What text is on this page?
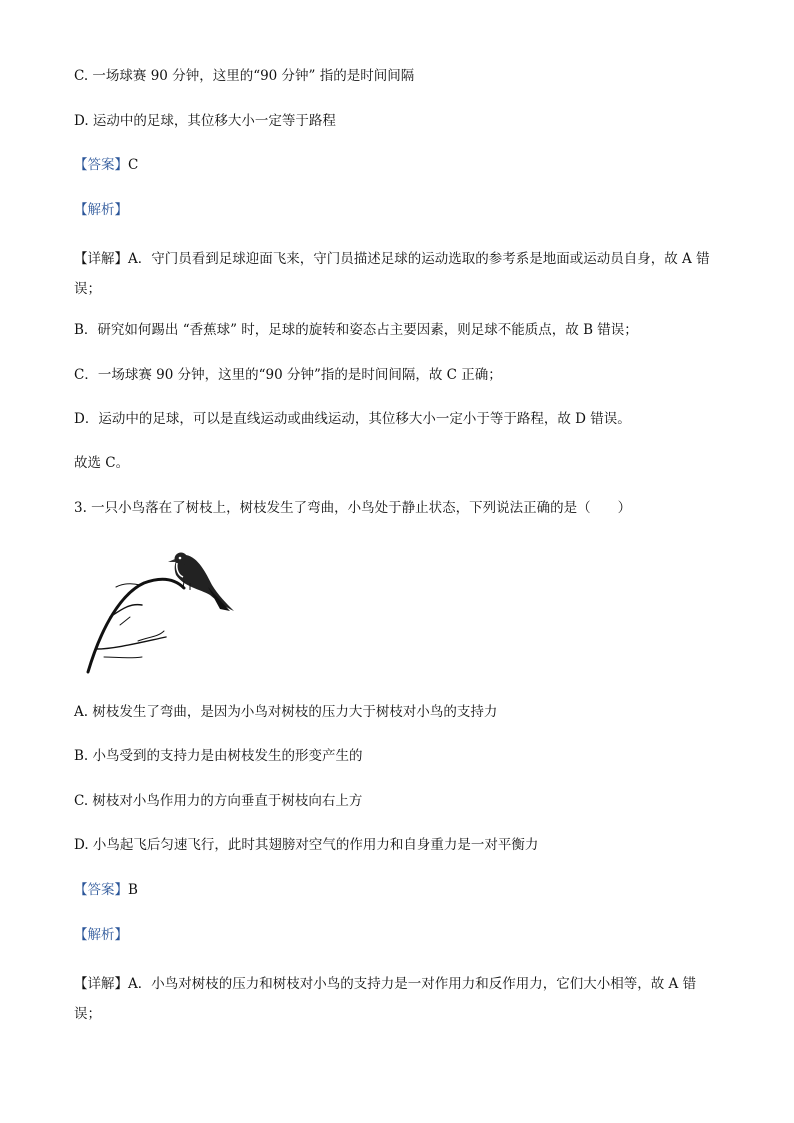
C. 一场球赛 90 分钟，这里的“90 分钟” 指的是时间间隔
D. 运动中的足球，其位移大小一定等于路程
【答案】C
【解析】
【详解】A．守门员看到足球迎面飞来，守门员描述足球的运动选取的参考系是地面或运动员自身，故 A 错误；
B．研究如何踢出 “香蕉球” 时，足球的旋转和姿态占主要因素，则足球不能质点，故 B 错误；
C．一场球赛 90 分钟，这里的“90 分钟”指的是时间间隔，故 C 正确；
D．运动中的足球，可以是直线运动或曲线运动，其位移大小一定小于等于路程，故 D 错误。
故选 C。
3. 一只小鸟落在了树枝上，树枝发生了弯曲，小鸟处于静止状态，下列说法正确的是（　　）
A. 树枝发生了弯曲，是因为小鸟对树枝的压力大于树枝对小鸟的支持力
B. 小鸟受到的支持力是由树枝发生的形变产生的
C. 树枝对小鸟作用力的方向垂直于树枝向右上方
D. 小鸟起飞后匀速飞行，此时其翅膀对空气的作用力和自身重力是一对平衡力
【答案】B
【解析】
【详解】A．小鸟对树枝的压力和树枝对小鸟的支持力是一对作用力和反作用力，它们大小相等，故 A 错误；
